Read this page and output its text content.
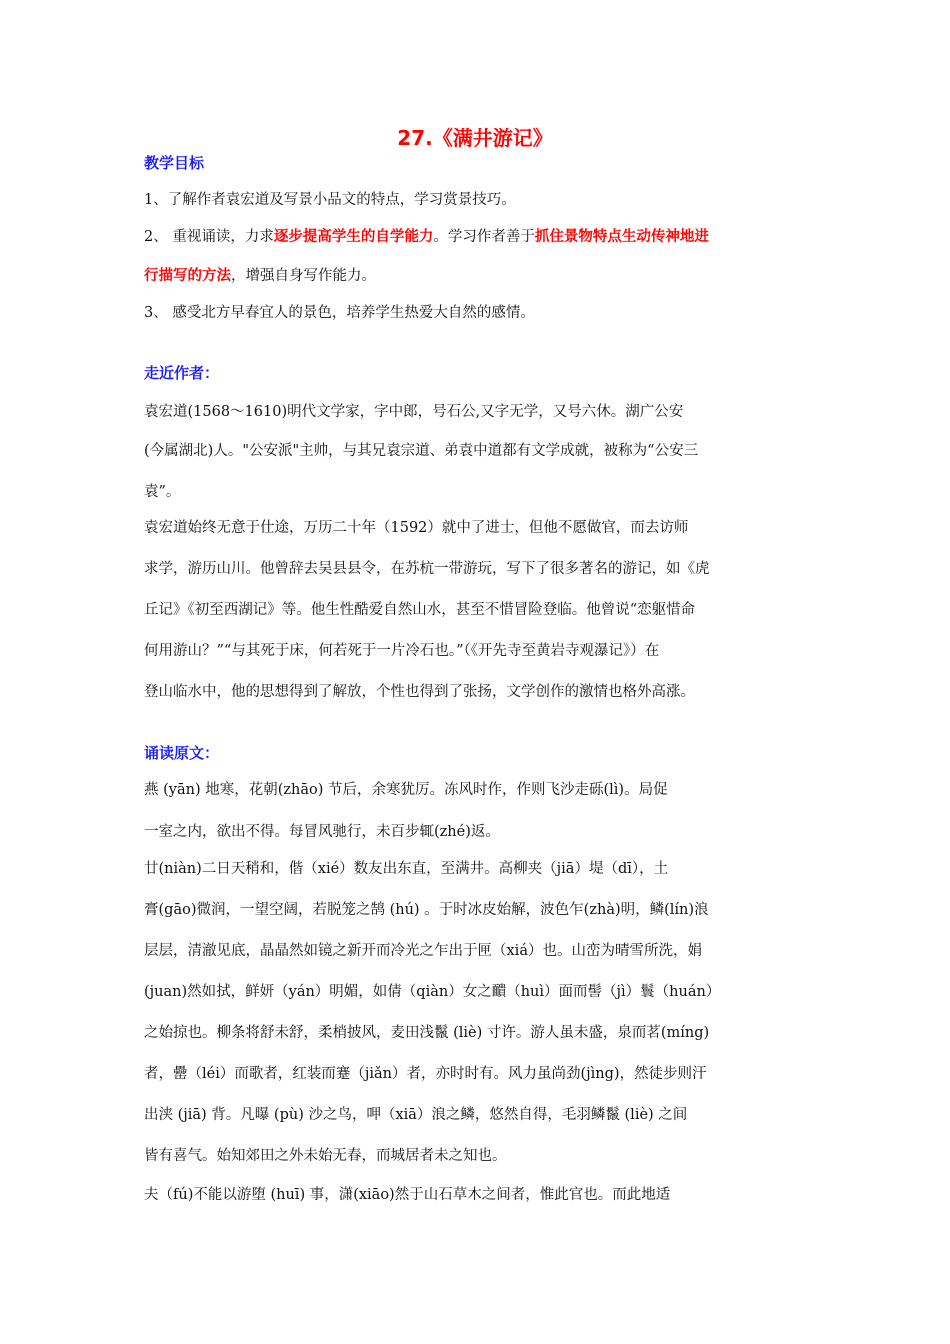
27.《满井游记》
教学目标
1、了解作者袁宏道及写景小品文的特点，学习赏景技巧。
2、 重视诵读，力求逐步提高学生的自学能力。学习作者善于抓住景物特点生动传神地进
行描写的方法，增强自身写作能力。
3、 感受北方早春宜人的景色，培养学生热爱大自然的感情。
走近作者：
袁宏道(1568～1610)明代文学家，字中郎，号石公,又字无学，又号六休。湖广公安
(今属湖北)人。"公安派"主帅，与其兄袁宗道、弟袁中道都有文学成就，被称为“公安三
袁”。
袁宏道始终无意于仕途，万历二十年（1592）就中了进士，但他不愿做官，而去访师
求学，游历山川。他曾辞去吴县县令，在苏杭一带游玩，写下了很多著名的游记，如《虎
丘记》《初至西湖记》等。他生性酷爱自然山水，甚至不惜冒险登临。他曾说“恋躯惜命
何用游山？”“与其死于床，何若死于一片冷石也。”（《开先寺至黄岩寺观瀑记》）在
登山临水中，他的思想得到了解放，个性也得到了张扬，文学创作的激情也格外高涨。
诵读原文：
燕 (yān) 地寒，花朝(zhāo) 节后，余寒犹厉。冻风时作，作则飞沙走砾(lì)。局促
一室之内，欲出不得。每冒风驰行，未百步辄(zhé)返。
廿(niàn)二日天稍和，偕（xié）数友出东直，至满井。高柳夹（jiā）堤（dī），土
膏(gāo)微润，一望空阔，若脱笼之鹄 (hú) 。于时冰皮始解，波色乍(zhà)明，鳞(lín)浪
层层，清澈见底，晶晶然如镜之新开而冷光之乍出于匣（xiá）也。山峦为晴雪所洗，娟
(juan)然如拭，鲜妍（yán）明媚，如倩（qiàn）女之靧（huì）面而髻（jì）鬟（huán）
之始掠也。柳条将舒未舒，柔梢披风，麦田浅鬣 (liè) 寸许。游人虽未盛，泉而茗(míng)
者，罍（léi）而歌者，红装而蹇（jiǎn）者，亦时时有。风力虽尚劲(jìng)，然徒步则汗
出浃 (jiā) 背。凡曝 (pù) 沙之鸟，呷（xiā）浪之鳞，悠然自得，毛羽鳞鬣 (liè) 之间
皆有喜气。始知郊田之外未始无春，而城居者未之知也。
夫（fú)不能以游堕 (huī) 事，潇(xiāo)然于山石草木之间者，惟此官也。而此地适
